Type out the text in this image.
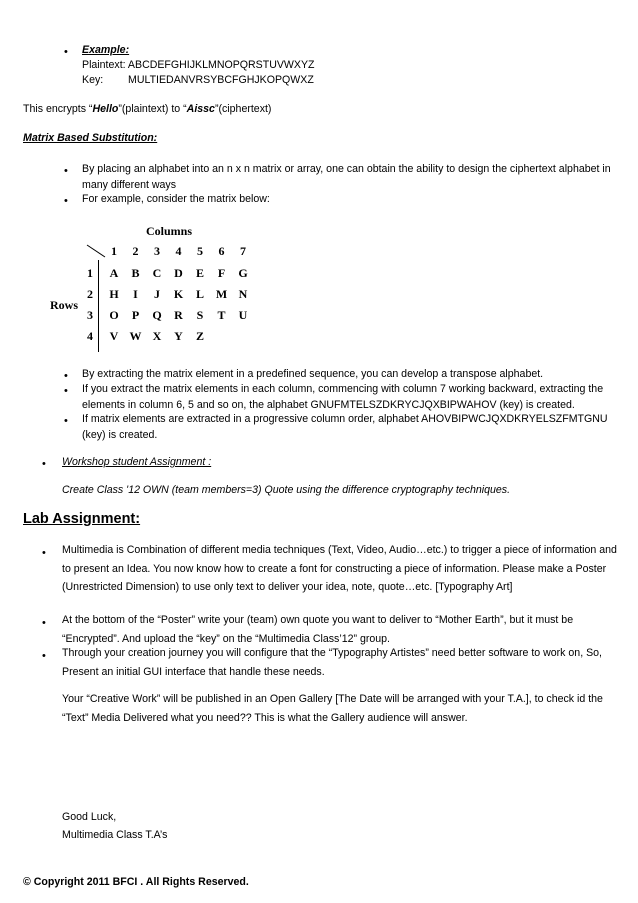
• Example:
Plaintext: ABCDEFGHIJKLMNOPQRSTUVWXYZ
Key: MULTIEDANVRSYBCFGHJKOPQWXZ
This encrypts “Hello”(plaintext) to “Aissc”(ciphertext)
Matrix Based Substitution:
• By placing an alphabet into an n x n matrix or array, one can obtain the ability to design the ciphertext alphabet in many different ways
• For example, consider the matrix below:
Columns
Rows
1	2	3	4	5	6	7
1	A	B	C	D	E	F	G
2	H	I	J	K	L M N
3	O	P	Q	R	S	T	U
4	V W X	Y	Z
• By extracting the matrix element in a predefined sequence, you can develop a transpose alphabet.
• If you extract the matrix elements in each column, commencing with column 7 working backward, extracting the elements in column 6, 5 and so on, the alphabet GNUFMTELSZDKRYCJQXBIPWAHOV (key) is created.
• If matrix elements are extracted in a progressive column order, alphabet AHOVBIPWCJQXDKRYELSZFMTGNU (key) is created.
• Workshop student Assignment :
Create Class '12 OWN (team members=3) Quote using the difference cryptography techniques.
Lab Assignment:
• Multimedia is Combination of different media techniques (Text, Video, Audio…etc.) to trigger a piece of information and to present an Idea. You now know how to create a font for constructing a piece of information. Please make a Poster (Unrestricted Dimension) to use only text to deliver your idea, note, quote…etc. [Typography Art]
• At the bottom of the “Poster” write your (team) own quote you want to deliver to “Mother Earth”, but it must be “Encrypted”. And upload the “key” on the “Multimedia Class’12” group.
• Through your creation journey you will configure that the “Typography Artistes” need better software to work on, So, Present an initial GUI interface that handle these needs.
Your “Creative Work” will be published in an Open Gallery [The Date will be arranged with your T.A.], to check id the “Text” Media Delivered what you need?? This is what the Gallery audience will answer.
Good Luck,
Multimedia Class T.A’s
© Copyright 2011 BFCI . All Rights Reserved.
